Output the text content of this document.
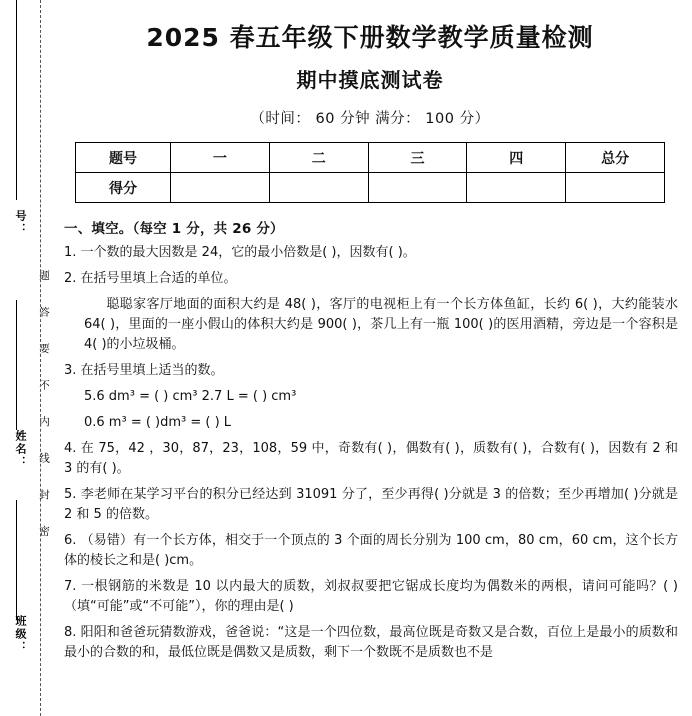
号：
姓名：
班级：
题 答 要 不 内 线 封 密
2025 春五年级下册数学教学质量检测
期中摸底测试卷
（时间： 60 分钟 满分： 100 分）
题号	一	二	三	四	总分
得分					
一、填空。（每空 1 分，共 26 分）
1. 一个数的最大因数是 24，它的最小倍数是( )，因数有( )。
2. 在括号里填上合适的单位。
聪聪家客厅地面的面积大约是 48( )，客厅的电视柜上有一个长方体鱼缸，长约 6( )，大约能装水 64( )，里面的一座小假山的体积大约是 900( )，茶几上有一瓶 100( )的医用酒精，旁边是一个容积是 4( )的小垃圾桶。
3. 在括号里填上适当的数。
5.6 dm³ = ( ) cm³ 2.7 L = ( ) cm³
0.6 m³ = ( )dm³ = ( ) L
4. 在 75，42 ，30，87，23，108，59 中，奇数有( )，偶数有( )，质数有( )，合数有( )，因数有 2 和 3 的有( )。
5. 李老师在某学习平台的积分已经达到 31091 分了，至少再得( )分就是 3 的倍数；至少再增加( )分就是 2 和 5 的倍数。
6. （易错）有一个长方体，相交于一个顶点的 3 个面的周长分别为 100 cm，80 cm，60 cm，这个长方体的棱长之和是( )cm。
7. 一根钢筋的米数是 10 以内最大的质数，刘叔叔要把它锯成长度均为偶数米的两根，请问可能吗？( )（填“可能”或“不可能”），你的理由是( )
8. 阳阳和爸爸玩猜数游戏，爸爸说：“这是一个四位数，最高位既是奇数又是合数，百位上是最小的质数和最小的合数的和，最低位既是偶数又是质数，剩下一个数既不是质数也不是
